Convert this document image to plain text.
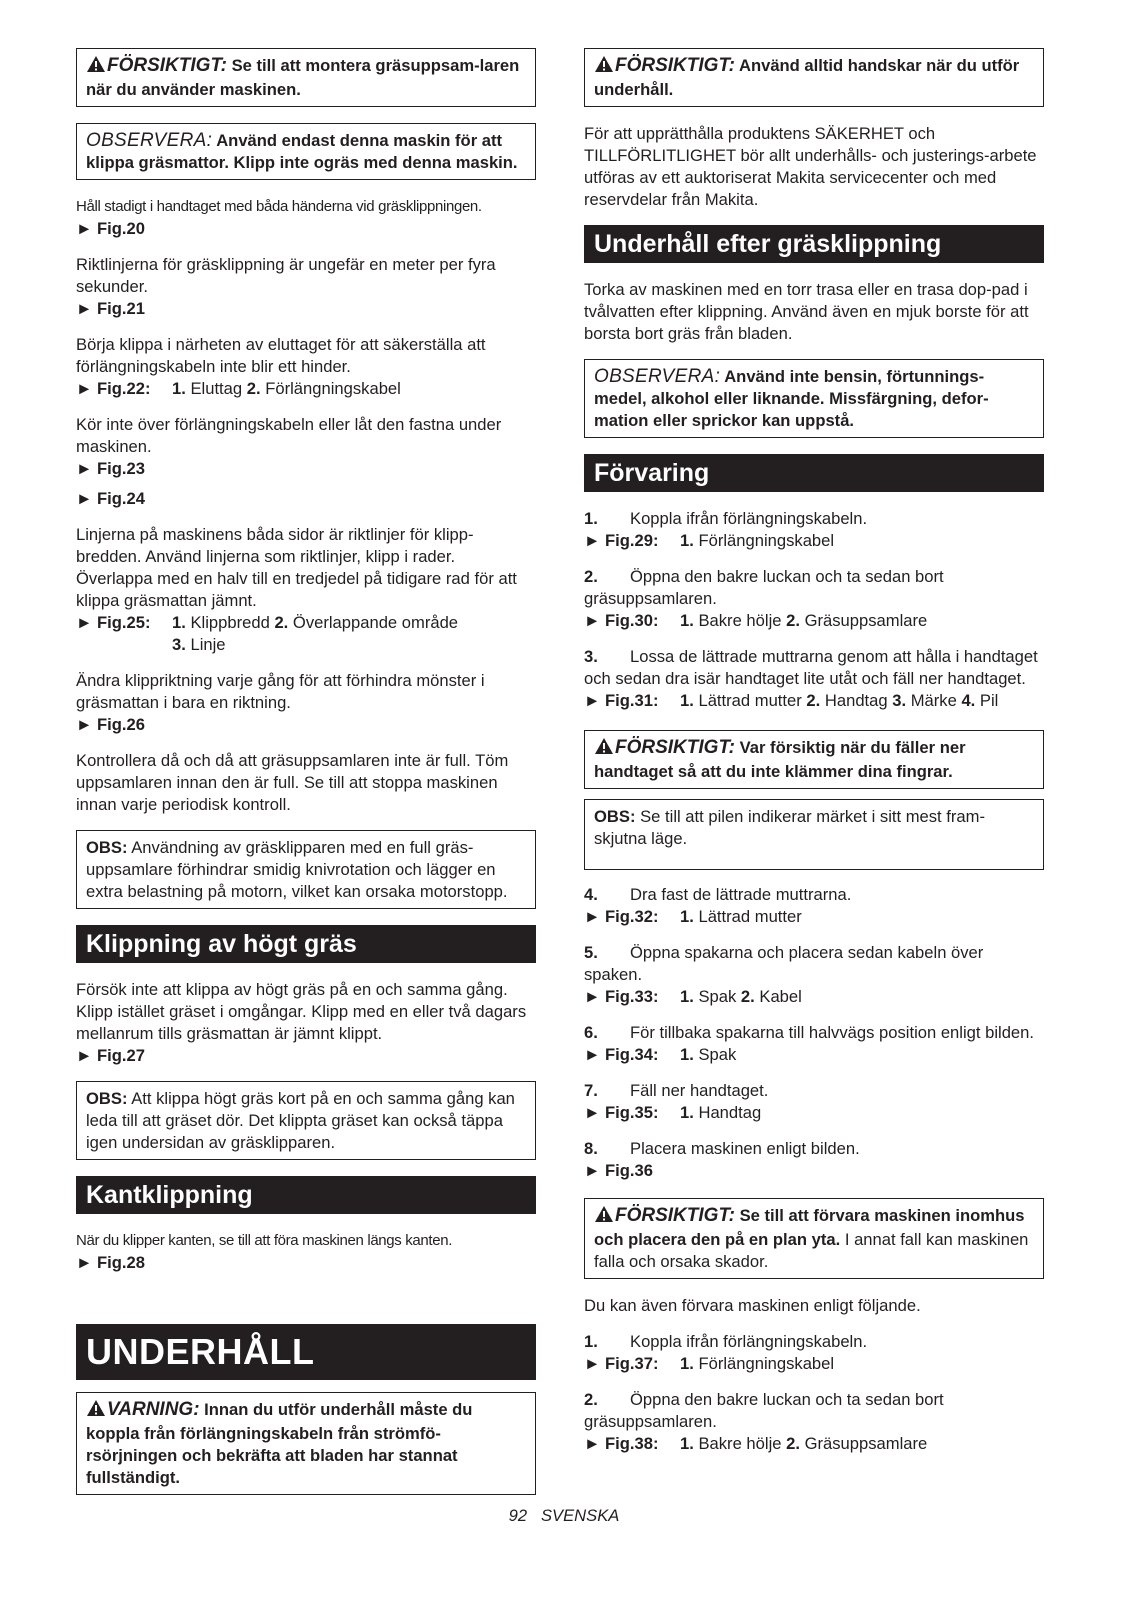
FÖRSIKTIGT: Se till att montera gräsuppsam-laren när du använder maskinen.
OBSERVERA: Använd endast denna maskin för att klippa gräsmattor. Klipp inte ogräs med denna maskin.

Håll stadigt i handtaget med båda händerna vid gräsklippningen.

► Fig.20

Riktlinjerna för gräsklippning är ungefär en meter per fyra sekunder.

► Fig.21

Börja klippa i närheten av eluttaget för att säkerställa att förlängningskabeln inte blir ett hinder.

► Fig.22: 1. Eluttag 2. Förlängningskabel

Kör inte över förlängningskabeln eller låt den fastna under maskinen.

► Fig.23

► Fig.24

Linjerna på maskinens båda sidor är riktlinjer för klipp-bredden. Använd linjerna som riktlinjer, klipp i rader. Överlappa med en halv till en tredjedel på tidigare rad för att klippa gräsmattan jämnt.

► Fig.25: 1. Klippbredd 2. Överlappande område

3. Linje

Ändra klippriktning varje gång för att förhindra mönster i gräsmattan i bara en riktning.

► Fig.26

Kontrollera då och då att gräsuppsamlaren inte är full. Töm uppsamlaren innan den är full. Se till att stoppa maskinen innan varje periodisk kontroll.

OBS: Användning av gräsklipparen med en full gräs-uppsamlare förhindrar smidig knivrotation och lägger en extra belastning på motorn, vilket kan orsaka motorstopp.
Klippning av högt gräs

Försök inte att klippa av högt gräs på en och samma gång. Klipp istället gräset i omgångar. Klipp med en eller två dagars mellanrum tills gräsmattan är jämnt klippt.

► Fig.27

OBS: Att klippa högt gräs kort på en och samma gång kan leda till att gräset dör. Det klippta gräset kan också täppa igen undersidan av gräsklipparen.
Kantklippning

När du klipper kanten, se till att föra maskinen längs kanten.

► Fig.28

UNDERHÅLL
VARNING: Innan du utför underhåll måste du koppla från förlängningskabeln från strömfö-rsörjningen och bekräfta att bladen har stannat fullständigt.
FÖRSIKTIGT: Använd alltid handskar när du utför underhåll.

För att upprätthålla produktens SÄKERHET och TILLFÖRLITLIGHET bör allt underhålls- och justerings-arbete utföras av ett auktoriserat Makita servicecenter och med reservdelar från Makita.

Underhåll efter gräsklippning

Torka av maskinen med en torr trasa eller en trasa dop-pad i tvålvatten efter klippning. Använd även en mjuk borste för att borsta bort gräs från bladen.

OBSERVERA: Använd inte bensin, förtunnings-medel, alkohol eller liknande. Missfärgning, defor-mation eller sprickor kan uppstå.
Förvaring

1. Koppla ifrån förlängningskabeln.

► Fig.29: 1. Förlängningskabel

2. Öppna den bakre luckan och ta sedan bort gräsuppsamlaren.

► Fig.30: 1. Bakre hölje 2. Gräsuppsamlare

3. Lossa de lättrade muttrarna genom att hålla i handtaget och sedan dra isär handtaget lite utåt och fäll ner handtaget.

► Fig.31: 1. Lättrad mutter 2. Handtag 3. Märke 4. Pil

FÖRSIKTIGT: Var försiktig när du fäller ner handtaget så att du inte klämmer dina fingrar.
OBS: Se till att pilen indikerar märket i sitt mest fram-skjutna läge.

4. Dra fast de lättrade muttrarna.

► Fig.32: 1. Lättrad mutter

5. Öppna spakarna och placera sedan kabeln över spaken.

► Fig.33: 1. Spak 2. Kabel

6. För tillbaka spakarna till halvvägs position enligt bilden.

► Fig.34: 1. Spak

7. Fäll ner handtaget.

► Fig.35: 1. Handtag

8. Placera maskinen enligt bilden.

► Fig.36

FÖRSIKTIGT: Se till att förvara maskinen inomhus och placera den på en plan yta. I annat fall kan maskinen falla och orsaka skador.

Du kan även förvara maskinen enligt följande.

1. Koppla ifrån förlängningskabeln.

► Fig.37: 1. Förlängningskabel

2. Öppna den bakre luckan och ta sedan bort gräsuppsamlaren.

► Fig.38: 1. Bakre hölje 2. Gräsuppsamlare

92 SVENSKA
